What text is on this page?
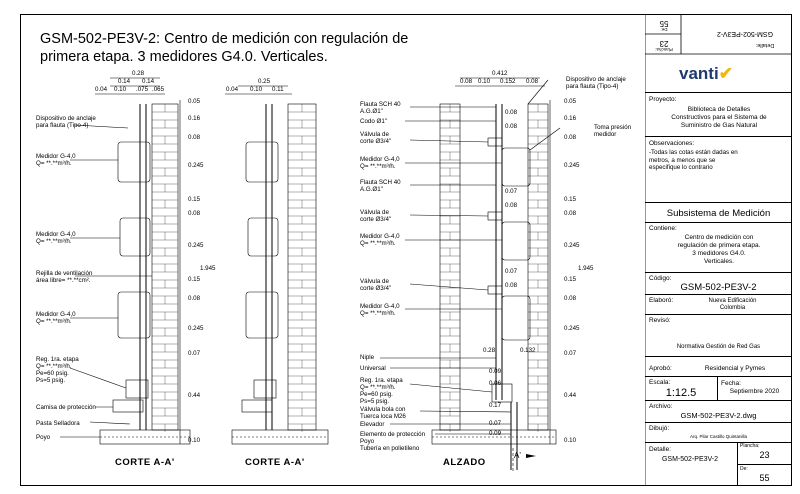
GSM-502-PE3V-2: Centro de medición con regulación de primera etapa. 3 medidores G4.0. Verticales.
CORTE A-A'	CORTE A-A'	ALZADO
0.28
0.14 0.14
0.04 0.10 .075 .065
Dispositivo de anclaje
para flauta (Tipo-4)
Medidor G-4,0
Q= **.**m³/h.
Medidor G-4,0
Q= **.**m³/h.
Rejilla de ventilación
área libre= **.**cm².
Medidor G-4,0
Q= **.**m³/h.
Reg. 1ra. etapa
Q= **.**m³/h.
Pe=60 psig.
Ps=5 psig.
Camisa de protección
Pasta Selladora
Poyo
0.05
0.16
0.08
0.245
0.15
0.08
0.245
0.15
0.08
0.245
0.07
0.44
0.10
1.945
0.25
0.04 0.10 0.11
0.412
0.08 0.10 0.152 0.08	Dispositivo de anclaje
para flauta (Tipo-4)
Toma presión
medidor
Flauta SCH 40
A.G.Ø1"
Codo Ø1"
Válvula de
corte Ø3/4"
Medidor G-4,0
Q= **.**m³/h.
Flauta SCH 40
A.G.Ø1"
Válvula de
corte Ø3/4"
Medidor G-4,0
Q= **.**m³/h.
Válvula de
corte Ø3/4"
Medidor G-4,0
Q= **.**m³/h.
Niple
Universal
Reg. 1ra. etapa
Q= **.**m³/h.
Pe=60 psig.
Ps=5 psig.
Válvula bola con
Tuerca loca M26
Elevador
Elemento de protección
Poyo
Tubería en polietileno
0.08
0.08
0.07
0.08
0.07
0.08
0.28	0.132
0.09
0.06
0.17
0.07
0.09
0.05
0.16
0.08
0.245
0.15
0.08
0.245
0.15
0.08
0.245
0.07
0.44
0.10
1.945
A'
GSM-502-PE3V-2
Detalle:
23
Plancha:
55
De:
vanti✔
Proyecto:
Biblioteca de Detalles
Constructivos para el Sistema de
Suministro de Gas Natural
Observaciones:
-Todas las cotas están dadas en
metros, a menos que se
especifique lo contrario
Subsistema de Medición
Contiene:
Centro de medición con
regulación de primera etapa.
3 medidores G4.0.
Verticales.
Código:
GSM-502-PE3V-2
Elaboró:	Nueva Edificación
Colombia
Revisó:
Normativa Gestión de Red Gas
Aprobó:	Residencial y Pymes
Escala:
1:12.5
Fecha:
Septiembre 2020
Archivo:
GSM-502-PE3V-2.dwg
Dibujó:
Arq. Pilar Castillo Quintanilla
Detalle:
GSM-502-PE3V-2
Plancha:
23
De:
55
